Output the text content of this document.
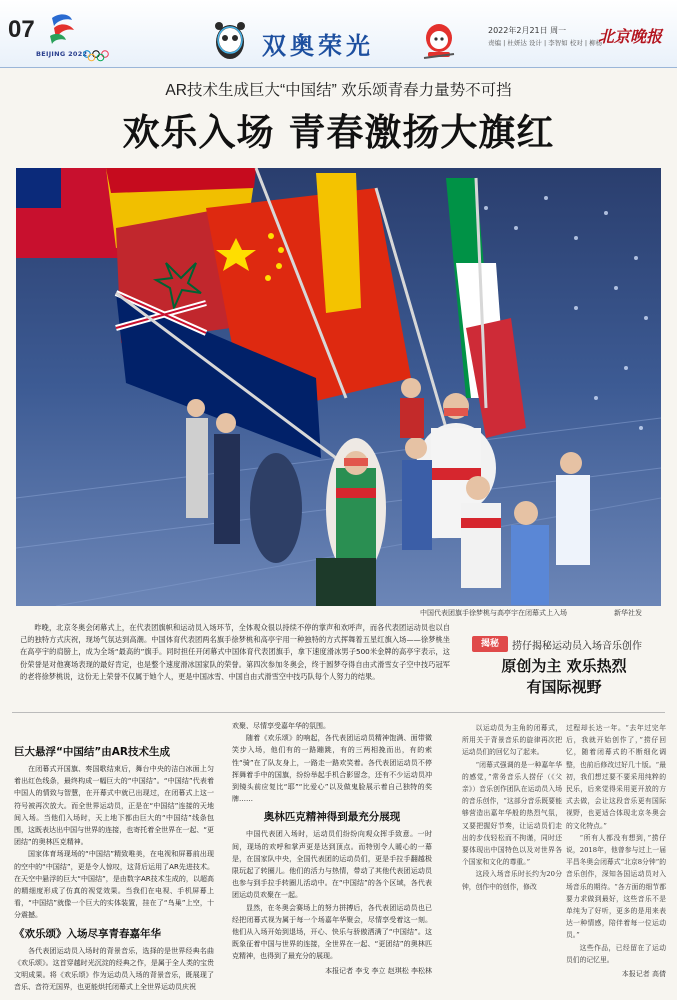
07
BEIJING 2022	双奥荣光
2022年2月21日 周一
责编 | 杜妍达 设计 | 李智如 校对 | 柳杨
北京晚报
AR技术生成巨大“中国结” 欢乐颂青春力量势不可挡
欢乐入场 青春激扬大旗红
中国代表团旗手徐梦桃与高亭宇在闭幕式上入场	新华社发
昨晚，北京冬奥会闭幕式上，在代表团旗帜和运动员入场环节，全体观众很以持续不停的掌声和欢呼声，而各代表团运动员也以自己的独特方式庆祝，现场气氛达到高潮。中国体育代表团两名旗手徐梦桃和高亭宇用一种独特的方式挥舞着五星红旗入场——徐梦桃坐在高亭宇的肩膀上，成为全场“最高的”旗手。同时担任开闭幕式中国体育代表团旗手，拿下速度滑冰男子500米金牌的高亭宇表示，这份荣誉是对他赛场表现的最好肯定，也是整个速度滑冰国家队的荣誉。第四次参加冬奥会，终于圆梦夺得自由式滑雪女子空中技巧冠军的老将徐梦桃说，这份无上荣誉不仅属于她个人，更是中国冰雪、中国自由式滑雪空中技巧队每个人努力的结果。
揭秘	捞仔揭秘运动员入场音乐创作
原创为主 欢乐热烈
有国际视野
巨大悬浮“中国结”由AR技术生成

在闭幕式开国旗、奏国歌结束后，舞台中央的洁白冰面上匀着出红色线条，最终构成一幅巨大的“中国结”。“中国结”代表着中国人的情致与智慧，在开幕式中就已出现过，在闭幕式上这一符号被再次放大。而全世界运动员，正是在“中国结”连接的天地间入场。当他们入场时，天上地下都由巨大的“中国结”线条包围，这既表达出中国与世界的连接，也寄托着全世界在一起、“更团结”的奥林匹克精神。

国家体育场现场的“中国结”精致唯美，在电视和屏幕前出现的空中的“中国结”，更是令人惊叹，这背后运用了AR先进技术。在天空中悬浮的巨大“中国结”，是由数字AR技术生成的，以超高的精细度形成了仿真的视觉效果。当我们在电视、手机屏幕上看，“中国结”就像一个巨大的实体装置，挂在了“鸟巢”上空，十分震撼。

《欢乐颂》入场尽享青春嘉年华

各代表团运动员入场时的背景音乐，选择的是世界经典名曲《欢乐颂》。这首穿越时光沉淀的经典之作，是属于全人类的宝贵文明成果。将《欢乐颂》作为运动员入场的背景音乐，既展现了音乐、音符无国界，也更能烘托闭幕式上全世界运动员庆祝

欢聚、尽情享受嘉年华的氛围。

随着《欢乐颂》的响起，各代表团运动员精神饱满、面带微笑步入场，他们有的一路蹦跳，有的三两相挽而出，有的索性“骑”在了队友身上，一路走一路欢笑着。各代表团运动员不停挥舞着手中的国旗，纷纷举起手机合影留念，还有不少运动员冲到镜头前应复比“耶”“比爱心”以及做鬼脸展示着自己独特的奖牌……

奥林匹克精神得到最充分展现

中国代表团入场时，运动员们纷纷向观众挥手致意。一时间，现场的欢呼和掌声更是达到顶点。而特别令人暖心的一幕是，在国家队中央，全国代表团的运动员们，更是手拉手翻越极限玩起了转圈儿。他们的活力与热情，带动了其他代表团运动员也参与到手拉手转圈儿活动中。在“中国结”的各个区域，各代表团运动员欢聚在一起。

显然，在冬奥会赛场上的努力拼搏后，各代表团运动员也已经把闭幕式视为属于每一个场嘉年华聚会，尽情享受着这一刻。他们从入场开始到退场，开心、快乐与骄傲洒满了“中国结”。这既象征着中国与世界的连接，全世界在一起、“更团结”的奥林匹克精神，也得到了最充分的展现。

本报记者 李戈 李立 赵琪松 李松林

以运动员为主角的闭幕式，所用关于背景音乐的旋律再次把运动员们的回忆勾了起来。

“闭幕式强调的是一种嘉年华的感觉，”常务音乐人捞仔（《父亲》）音乐创作团队在运动员入场的音乐创作，“这部分音乐既要能够营造出嘉年华般的热烈气氛，又要把握好节奏，让运动员们走出的步伐轻松而不拘谨，同时还要体现出中国特色以及对世界各个国家和文化的尊重。”

这段入场音乐时长约为20分钟，创作中的创作，修改

过程却长达一年。“去年过完年后，我就开始创作了，”捞仔回忆，随着闭幕式的不断细化调整，也前后修改过好几十版。“最初，我们想过要不要采用纯粹的民乐，后来觉得采用更开放的方式去做，会让这段音乐更有国际视野，也更适合体现北京冬奥会的文化特点。”

“所有人都没有想到，”捞仔说，2018年，他曾参与过上一届平昌冬奥会闭幕式“北京8分钟”的音乐创作，深知各国运动员对入场音乐的期待。“各方面的细节都要力求做到最好，这些音乐不是单纯为了好听，更多的是用来表达一种情感，陪伴着每一位运动员。”

这些作品，已经留在了运动员们的记忆里。

本报记者 高倩
